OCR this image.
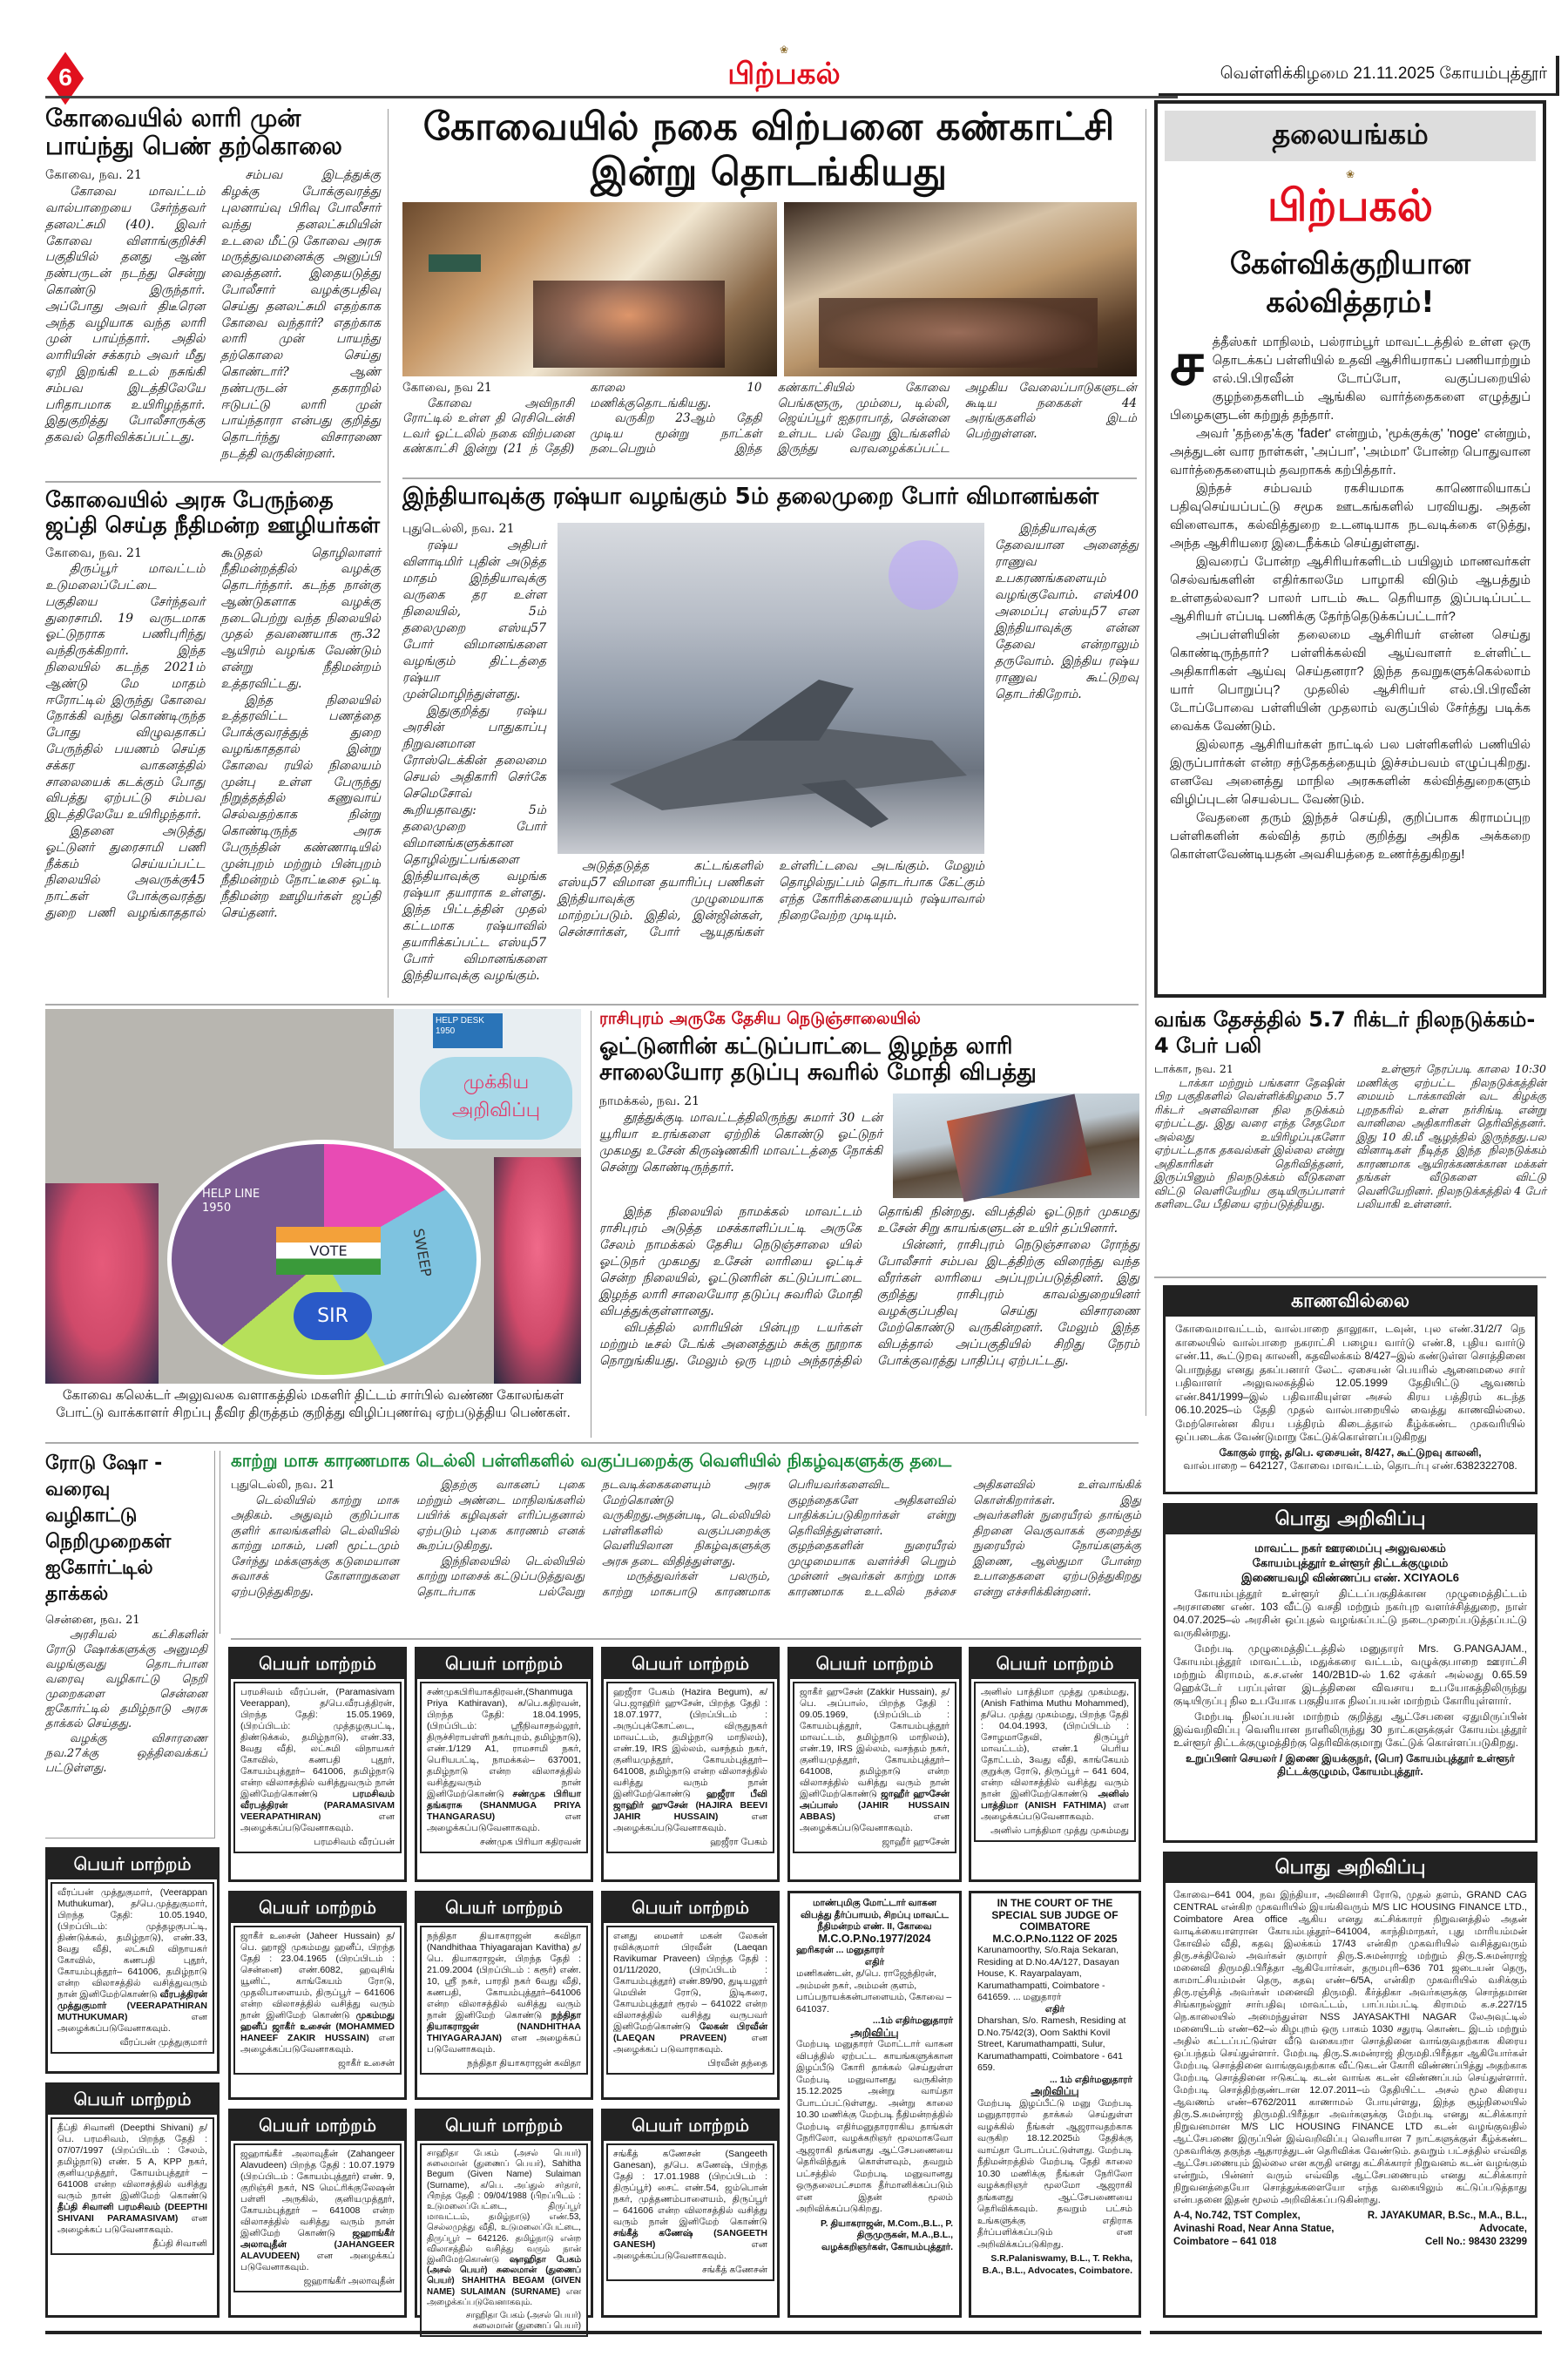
6
❀
பிற்பகல்	வெள்ளிக்கிழமை 21.11.2025 கோயம்புத்தூர்
கோவையில் லாரி முன் பாய்ந்து பெண் தற்கொலை

கோவை, நவ. 21

கோவை மாவட்டம் வால்பாறையை சேர்ந்தவர் தனலட்சுமி (40). இவர் கோவை விளாங்குறிச்சி பகுதியில் தனது ஆண் நண்பருடன் நடந்து சென்று கொண்டு இருந்தார். அப்போது அவர் திடீரென அந்த வழியாக வந்த லாரி முன் பாய்ந்தார். அதில் லாரியின் சக்கரம் அவர் மீது ஏறி இறங்கி உடல் நசுங்கி சம்பவ இடத்திலேயே பரிதாபமாக உயிரிழந்தார். இதுகுறித்து போலீசாருக்கு தகவல் தெரிவிக்கப்பட்டது.

சம்பவ இடத்துக்கு கிழக்கு போக்குவரத்து புலனாய்வு பிரிவு போலீசார் வந்து தனலட்சுமியின் உடலை மீட்டு கோவை அரசு மருத்துவமனைக்கு அனுப்பி வைத்தனர். இதையடுத்து போலீசார் வழக்குபதிவு செய்து தனலட்சுமி எதற்காக கோவை வந்தார்? எதற்காக லாரி முன் பாயந்து தற்கொலை செய்து கொண்டார்? ஆண் நண்பருடன் தகராறில் ஈடுபட்டு லாரி முன் பாய்ந்தாரா என்பது குறித்து தொடர்ந்து விசாரணை நடத்தி வருகின்றனர்.

கோவையில் அரசு பேருந்தை ஜப்தி செய்த நீதிமன்ற ஊழியர்கள்

கோவை, நவ. 21

திருப்பூர் மாவட்டம் உடுமலைப்பேட்டை பகுதியை சேர்ந்தவர் துரைசாமி. 19 வருடமாக ஓட்டுநராக பணிபுரிந்து வந்திருக்கிறார். இந்த நிலையில் கடந்த 2021ம் ஆண்டு மே மாதம் ஈரோட்டில் இருந்து கோவை நோக்கி வந்து கொண்டிருந்த போது விழுவதாகப் பேருந்தில் பயணம் செய்த சக்கர வாகனத்தில் சாலையைக் கடக்கும் போது விபத்து ஏற்பட்டு சம்பவ இடத்திலேயே உயிரிழந்தார்.

இதனை அடுத்து ஓட்டுனர் துரைசாமி பணி நீக்கம் செய்யப்பட்ட நிலையில் அவருக்கு45 நாட்கள் போக்குவரத்து துறை பணி வழங்காததால் கூடுதல் தொழிலாளர் நீதிமன்றத்தில் வழக்கு தொடர்ந்தார். கடந்த நான்கு ஆண்டுகளாக வழக்கு நடைபெற்று வந்த நிலையில் முதல் தவணையாக ரூ.32 ஆயிரம் வழங்க வேண்டும் என்று நீதிமன்றம் உத்தரவிட்டது.

இந்த நிலையில் உத்தரவிட்ட பணத்தை போக்குவரத்துத் துறை வழங்காததால் இன்று கோவை ரயில் நிலையம் முன்பு உள்ள பேருந்து நிறுத்தத்தில் கணுவாய் செல்வதற்காக நின்று கொண்டிருந்த அரசு பேருந்தின் கண்ணாடியில் முன்புறம் மற்றும் பின்புறம் நீதிமன்றம் நோட்டீசை ஒட்டி நீதிமன்ற ஊழியர்கள் ஜப்தி செய்தனர்.

கோவையில் நகை விற்பனை கண்காட்சி இன்று தொடங்கியது

கோவை, நவ 21

கோவை அவிநாசி ரோட்டில் உள்ள தி ரெசிடென்சி டவர் ஓட்டலில் நகை விற்பனை கண்காட்சி இன்று (21 ந் தேதி) காலை 10 மணிக்குதொடங்கியது.

வருகிற 23ஆம் தேதி முடிய மூன்று நாட்கள் நடைபெறும் இந்த கண்காட்சியில் கோவை பெங்களூரு, மும்பை, டில்லி, ஜெய்ப்பூர் ஐதராபாத், சென்னை உள்பட பல் வேறு இடங்களில் இருந்து வரவழைக்கப்பட்ட அழகிய வேலைப்பாடுகளுடன் கூடிய நகைகள் 44 அரங்குகளில் இடம் பெற்றுள்ளன.

இந்தியாவுக்கு ரஷ்யா வழங்கும் 5ம் தலைமுறை போர் விமானங்கள்

புதுடெல்லி, நவ. 21

ரஷ்ய அதிபர் விளாடிமிர் புதின் அடுத்த மாதம் இந்தியாவுக்கு வருகை தர உள்ள நிலையில், 5ம் தலைமுறை எஸ்யு57 போர் விமானங்களை வழங்கும் திட்டத்தை ரஷ்யா முன்மொழிந்துள்ளது.

இதுகுறித்து ரஷ்ய அரசின் பாதுகாப்பு நிறுவனமான ரோஸ்டெக்கின் தலைமை செயல் அதிகாரி செர்கே செமெசோவ் கூறியதாவது: 5ம் தலைமுறை போர் விமானங்களுக்கான தொழில்நுட்பங்களை இந்தியாவுக்கு வழங்க ரஷ்யா தயாராக உள்ளது. இந்த பிட்டத்தின் முதல் கட்டமாக ரஷ்யாவில் தயாரிக்கப்பட்ட எஸ்யு57 போர் விமானங்களை இந்தியாவுக்கு வழங்கும்.

அடுத்தடுத்த கட்டங்களில் எஸ்யு57 விமான தயாரிப்பு பணிகள் இந்தியாவுக்கு முழுமையாக மாற்றப்படும். இதில், இன்ஜின்கள், சென்சார்கள், போர் ஆயுதங்கள் உள்ளிட்டவை அடங்கும். மேலும் தொழில்நுட்பம் தொடர்பாக கேட்கும் எந்த கோரிக்கையையும் ரஷ்யாவால் நிறைவேற்ற முடியும்.

இந்தியாவுக்கு தேவையான அனைத்து ராணுவ உபகரணங்களையும் வழங்குவோம். எஸ்400 அமைப்பு எஸ்யு57 என இந்தியாவுக்கு என்ன தேவை என்றாலும் தருவோம். இந்திய ரஷ்ய ராணுவ கூட்டுறவு தொடர்கிறோம்.

தலையங்கம்
❀
பிற்பகல்
கேள்விக்குறியான கல்வித்தரம்!
ச த்தீஸ்கர் மாநிலம், பல்ராம்பூர் மாவட்டத்தில் உள்ள ஒரு தொடக்கப் பள்ளியில் உதவி ஆசிரியராகப் பணியாற்றும் எல்.பி.பிரவீன் டோப்போ, வகுப்பறையில் குழந்தைகளிடம் ஆங்கில வார்த்தைகளை எழுத்துப் பிழைகளுடன் கற்றுத் தந்தார்.

அவர் 'தந்தை'க்கு 'fader' என்றும், 'மூக்குக்கு' 'noge' என்றும், அத்துடன் வார நாள்கள், 'அப்பா', 'அம்மா' போன்ற பொதுவான வார்த்தைகளையும் தவறாகக் கற்பித்தார்.

இந்தச் சம்பவம் ரகசியமாக காணொலியாகப் பதிவுசெய்யப்பட்டு சமூக ஊடகங்களில் பரவியது. அதன் விளைவாக, கல்வித்துறை உடனடியாக நடவடிக்கை எடுத்து, அந்த ஆசிரியரை இடைநீக்கம் செய்துள்ளது.

இவரைப் போன்ற ஆசிரியர்களிடம் பயிலும் மாணவர்கள் செல்வங்களின் எதிர்காலமே பாழாகி விடும் ஆபத்தும் உள்ளதல்லவா? பாலர் பாடம் கூட தெரியாத இப்படிப்பட்ட ஆசிரியர் எப்படி பணிக்கு தேர்ந்தெடுக்கப்பட்டார்?

அப்பள்ளியின் தலைமை ஆசிரியர் என்ன செய்து கொண்டிருந்தார்? பள்ளிக்கல்வி ஆய்வாளர் உள்ளிட்ட அதிகாரிகள் ஆய்வு செய்தனரா? இந்த தவறுகளுக்கெல்லாம் யார் பொறுப்பு? முதலில் ஆசிரியர் எல்.பி.பிரவீன் டோப்போவை பள்ளியின் முதலாம் வகுப்பில் சேர்த்து படிக்க வைக்க வேண்டும்.

இல்லாத ஆசிரியர்கள் நாட்டில் பல பள்ளிகளில் பணியில் இருப்பார்கள் என்ற சந்தேகத்தையும் இச்சம்பவம் எழுப்புகிறது. எனவே அனைத்து மாநில அரசுகளின் கல்வித்துறைகளும் விழிப்புடன் செயல்பட வேண்டும்.

வேதனை தரும் இந்தச் செய்தி, குறிப்பாக கிராமப்புற பள்ளிகளின் கல்வித் தரம் குறித்து அதிக அக்கறை கொள்ளவேண்டியதன் அவசியத்தை உணர்த்துகிறது!

HELP DESK 1950
முக்கிய அறிவிப்பு
HELP LINE 1950
VOTE
SIR
SWEEP
கோவை கலெக்டர் அலுவலக வளாகத்தில் மகளிர் திட்டம் சார்பில் வண்ண கோலங்கள் போட்டு வாக்காளர் சிறப்பு தீவிர திருத்தம் குறித்து விழிப்புணர்வு ஏற்படுத்திய பெண்கள்.
ராசிபுரம் அருகே தேசிய நெடுஞ்சாலையில்
ஓட்டுனரின் கட்டுப்பாட்டை இழந்த லாரி சாலையோர தடுப்பு சுவரில் மோதி விபத்து

நாமக்கல், நவ. 21

தூத்துக்குடி மாவட்டத்திலிருந்து சுமார் 30 டன் யூரியா உரங்களை ஏற்றிக் கொண்டு ஓட்டுநர் முகமது உசேன் கிருஷ்ணகிரி மாவட்டத்தை நோக்கி சென்று கொண்டிருந்தார்.

இந்த நிலையில் நாமக்கல் மாவட்டம் ராசிபுரம் அடுத்த மசக்காளிப்பட்டி அருகே சேலம் நாமக்கல் தேசிய நெடுஞ்சாலை யில் ஓட்டுநர் முகமது உசேன் லாரியை ஓட்டிச் சென்ற நிலையில், ஓட்டுனரின் கட்டுப்பாட்டை இழந்த லாரி சாலையோர தடுப்பு சுவரில் மோதி விபத்துக்குள்ளானது.

விபத்தில் லாரியின் பின்புற டயர்கள் மற்றும் டீசல் டேங்க் அனைத்தும் சுக்கு நூறாக நொறுங்கியது. மேலும் ஒரு புறம் அந்தரத்தில் தொங்கி நின்றது. விபத்தில் ஓட்டுநர் முகமது உசேன் சிறு காயங்களுடன் உயிர் தப்பினார்.

பின்னர், ராசிபுரம் நெடுஞ்சாலை ரோந்து போலீசார் சம்பவ இடத்திற்கு விரைந்து வந்த வீரர்கள் லாரியை அப்புறப்படுத்தினர். இது குறித்து ராசிபுரம் காவல்துறையினர் வழக்குப்பதிவு செய்து விசாரணை மேற்கொண்டு வருகின்றனர். மேலும் இந்த விபத்தால் அப்பகுதியில் சிறிது நேரம் போக்குவரத்து பாதிப்பு ஏற்பட்டது.

வங்க தேசத்தில் 5.7 ரிக்டர் நிலநடுக்கம்- 4 பேர் பலி

டாக்கா, நவ. 21

டாக்கா மற்றும் பங்களா தேஷின் பிற பகுதிகளில் வெள்ளிக்கிழமை 5.7 ரிக்டர் அளவிலான நில நடுக்கம் ஏற்பட்டது. இது வரை எந்த சேதமோ அல்லது உயிரிழப்புகளோ ஏற்பட்டதாக தகவல்கள் இல்லை என்று அதிகாரிகள் தெரிவித்தனர், இருப்பினும் நிலநடுக்கம் வீடுகளை விட்டு வெளியேறிய குடியிருப்பாளர் களிடையே பீதியை ஏற்படுத்தியது.

உள்ளூர் நேரப்படி காலை 10:30 மணிக்கு ஏற்பட்ட நிலநடுக்கத்தின் மையம் டாக்காவின் வட கிழக்கு புறநகரில் உள்ள நர்சிங்டி என்று வானிலை அதிகாரிகள் தெரிவித்தனர். இது 10 கி.மீ ஆழத்தில் இருந்தது.பல வினாடிகள் நீடித்த இந்த நிலநடுக்கம் காரணமாக ஆயிரக்கணக்கான மக்கள் தங்கள் வீடுகளை விட்டு வெளியேறினர். நிலநடுக்கத்தில் 4 பேர் பலியாகி உள்ளனர்.

காணவில்லை
கோவைமாவட்டம், வால்பாறை தாலூகா, டவுன், புல எண்.31/2/7 நெ காலையில் வால்பாறை நகராட்சி பழைய வார்டு எண்.8, புதிய வார்டு எண்.11, கூட்டுறவு காலனி, கதவிலக்கம் 8/427–இல் கண்டுள்ள சொத்தினை பொறுத்து எனது தகப்பனார் லேட். ஏசையன் பெயரில் ஆனைமலை சார் பதிவாளர் அலுவலகத்தில் 12.05.1999 தேதியிட்டு ஆவணம் எண்.841/1999–இல் பதிவாகியுள்ள அசல் கிரய பத்திரம் கடந்த 06.10.2025–ம் தேதி முதல் வால்பாறையில் வைத்து காணவில்லை. மேற்சொன்ன கிரய பத்திரம் கிடைத்தால் கீழ்க்கண்ட முகவரியில் ஒப்படைக்க வேண்டுமாறு கேட்டுக்கொள்ளப்படுகிறது
கோகுல் ராஜ், த/பெ. ஏசையன், 8/427, கூட்டுறவு காலனி,
வால்பாறை – 642127, கோவை மாவட்டம், தொடர்பு எண்.6382322708.
பொது அறிவிப்பு
மாவட்ட நகர் ஊரமைப்பு அலுவலகம்
கோயம்புத்தூர் உள்ளூர் திட்டக்குழுமம்
இணையவழி விண்ணப்ப எண். XCIYAOL6

கோயம்புத்தூர் உள்ளூர் திட்டப்பகுதிக்கான முழுமைத்திட்டம் அரசாணை எண். 103 வீட்டு வசதி மற்றும் நகர்புற வளர்ச்சித்துறை, நாள் 04.07.2025–ல் அரசின் ஒப்புதல் வழங்கப்பட்டு நடைமுறைப்படுத்தப்பட்டு வருகின்றது.

மேற்படி முழுமைத்திட்டத்தில் மனுதாரர் Mrs. G.PANGAJAM., கோயம்புத்தூர் மாவட்டம், மதுக்கரை வட்டம், வழுக்குபாறை ஊராட்சி மற்றும் கிராமம், க.ச.எண் 140/2B1D-ல் 1.62 ஏக்கர் அல்லது 0.65.59 ஹெக்டேர் பரப்புள்ள இடத்தினை விவசாய உபயோகத்திலிருந்து குடியிருப்பு நில உபயோக பகுதியாக நிலப்பயன் மாற்றம் கோரியுள்ளார்.

மேற்படி நிலப்பயன் மாற்றம் குறித்து ஆட்சேபனை ஏதுமிருப்பின் இவ்வறிவிப்பு வெளியான நாளிலிருந்து 30 நாட்களுக்குள் கோயம்புத்தூர் உள்ளூர் திட்டக்குழுமத்திற்கு தெரிவிக்குமாறு கேட்டுக் கொள்ளப்படுகிறது.

உறுப்பினர் செயலர் / இணை இயக்குநர், (பொ) கோயம்புத்தூர் உள்ளூர் திட்டக்குழுமம், கோயம்புத்தூர்.

பொது அறிவிப்பு

கோவை–641 004, நவ இந்தியா, அவினாசி ரோடு, முதல் தளம், GRAND CAG CENTRAL என்கிற முகவரியில் இயங்கிவரும் M/S LIC HOUSING FINANCE LTD., Coimbatore Area office ஆகிய எனது கட்சிக்காரர் நிறுவனத்தில் அதன் வாடிக்கையாளரான கோயம்புத்தூர்–641004, காந்திமாநகர், புது மாரியம்மன் கோவில் வீதி, கதவு இலக்கம் 17/43 என்கிற முகவரியில் வசித்துவரும் திரு.சக்திவேல் அவர்கள் குமாரர் திரு.S.சுமன்ராஜ் மற்றும் திரு.S.சுமன்ராஜ் மனைவி திருமதி.பிரீத்தா ஆகியோர்கள், தருமபுரி–636 701 ஜடையன் தெரு, காமாட்சியம்மன் தெரு, கதவு எண்–6/5A, என்கிற முகவரியில் வசிக்கும் திரு.ரஞ்சித் அவர்கள் மனைவி திருமதி. கீர்த்திகா அவர்களுக்கு சொந்தமான சிங்காநல்லூர் சார்பதிவு மாவட்டம், பாப்பம்பட்டி கிராமம் க.ச.227/15 நெ.காலையில் அமைந்துள்ள NSS JAYASAKTHI NAGAR லேஅவுட்டில் மனையிடம் எண்–62–ல் கிழபுறம் ஒரு பாகம் 1030 சதுரடி கொண்ட இடம் மற்றும் அதில் கட்டப்பட்டுள்ள வீடு வகையறா சொத்தினை வாங்குவதற்காக கிரைய ஒப்பந்தம் செய்துள்ளார். மேற்படி திரு.S.சுமன்ராஜ் திருமதி.பிரீத்தா ஆகியோர்கள் மேற்படி சொத்தினை வாங்குவதற்காக வீட்டுகடன் கோரி விண்ணப்பித்து அதற்காக மேற்படி சொத்தினை ஈடுகட்டி கடன் வாங்க கடன் விண்ணப்பம் செய்துள்ளார். மேற்படி சொத்திற்குண்டான 12.07.2011–ம் தேதியிட்ட அசல் மூல கிரைய ஆவணம் எண்–6762/2011 காணாமல் போயுள்ளது, இந்த சூழ்நிலையில் திரு.S.சுமன்ராஜ் திருமதி.பிரீத்தா அவர்களுக்கு மேற்படி எனது கட்சிக்காரர் நிறுவனமான M/S LIC HOUSING FINANCE LTD கடன் வழங்குவதில் ஆட்சேபணை இருப்பின் இவ்வறிவிப்பு வெளியான 7 நாட்களுக்குள் கீழ்க்கண்ட முகவரிக்கு தகுந்த ஆதாரத்துடன் தெரிவிக்க வேண்டும். தவறும் பட்சத்தில் எவ்வித ஆட்சேபணையும் இல்லை என கருதி எனது கட்சிக்காரர் நிறுவனம் கடன் வழங்கும் என்றும், பின்னர் வரும் எவ்வித ஆட்சேபணையும் எனது கட்சிக்காரர் நிறுவனத்தையோ சொத்துக்களையோ எந்த வகையிலும் கட்டுப்படுத்தாது என்பதனை இதன் மூலம் அறிவிக்கப்படுகின்றது.

A-4, No.742, TST Complex,
Avinashi Road, Near Anna Statue,
Coimbatore – 641 018
R. JAYAKUMAR, B.Sc., M.A., B.L.,
Advocate,
Cell No.: 98430 23299
ரோடு ஷோ - வரைவு வழிகாட்டு நெறிமுறைகள் ஐகோர்ட்டில் தாக்கல்

சென்னை, நவ. 21

அரசியல் கட்சிகளின் ரோடு ஷோக்களுக்கு அனுமதி வழங்குவது தொடர்பான வரைவு வழிகாட்டு நெறி முறைகளை சென்னை ஐகோர்ட்டில் தமிழ்நாடு அரசு தாக்கல் செய்தது.

வழக்கு விசாரணை நவ.27க்கு ஒத்திவைக்கப் பட்டுள்ளது.

காற்று மாசு காரணமாக டெல்லி பள்ளிகளில் வகுப்பறைக்கு வெளியில் நிகழ்வுகளுக்கு தடை

புதுடெல்லி, நவ. 21

டெல்லியில் காற்று மாசு அதிகம். அதுவும் குறிப்பாக குளிர் காலங்களில் டெல்லியில் காற்று மாசும், பனி மூட்டமும் சேர்ந்து மக்களுக்கு கடுமையான சுவாசக் கோளாறுகளை ஏற்படுத்துகிறது.

இதற்கு வாகனப் புகை மற்றும் அண்டை மாநிலங்களில் பயிர்க் கழிவுகள் எரிப்பதனால் ஏற்படும் புகை காரணம் எனக் கூறப்படுகிறது.

இந்நிலையில் டெல்லியில் காற்று மாசைக் கட்டுப்படுத்துவது தொடர்பாக பல்வேறு நடவடிக்கைகளையும் அரசு மேற்கொண்டு வருகிறது.அதன்படி, டெல்லியில் பள்ளிகளில் வகுப்பறைக்கு வெளியிலான நிகழ்வுகளுக்கு அரசு தடை விதித்துள்ளது.

மருத்துவர்கள் பலரும், காற்று மாசுபாடு காரணமாக பெரியவர்களைவிட குழந்தைகளே அதிகளவில் பாதிக்கப்படுகிறார்கள் என்று தெரிவித்துள்ளனர். குழந்தைகளின் நுரையீரல் முழுமையாக வளர்ச்சி பெறும் முன்னர் அவர்கள் காற்று மாசு காரணமாக உடலில் நச்சை அதிகளவில் உள்வாங்கிக் கொள்கிறார்கள். இது அவர்களின் நுரையீரல் தாங்கும் திறனை வெகுவாகக் குறைத்து நுரையீரல் நோய்களுக்கு இணை, ஆஸ்துமா போன்ற உபாதைகளை ஏற்படுத்துகிறது என்று எச்சரிக்கின்றனர்.

பெயர் மாற்றம்
பரமசிவம் வீரப்பன், (Paramasivam Veerappan), த/பெ.வீரபத்திரன், பிறந்த தேதி: 15.05.1969, (பிறப்பிடம்: முத்தழகுபட்டி, திண்டுக்கல், தமிழ்நாடு), எண்.33, 8வது வீதி, லட்சுமி விநாயகர் கோவில், கணபதி புதூர், கோயம்புத்தூர்– 641006, தமிழ்நாடு என்ற விலாசத்தில் வசித்துவரும் நான் இனிமேற்கொண்டு	பரமசிவம் வீரபத்திரன் (PARAMASIVAM VEERAPATHIRAN)	என அழைக்கப்படுவேனாகவும்.
பரமசிவம் வீரப்பன்
பெயர் மாற்றம்
சண்முகபிரியாகதிரவன்,(Shanmuga Priya Kathiravan), க/பெ.கதிரவன், பிறந்த தேதி: 18.04.1995, (பிறப்பிடம்: ஸ்ரீநிவாசநல்லூர், திருச்சிராபள்ளி நகர்புறம், தமிழ்நாடு), எண்.1/129 A1, ராமசாமி நகர், பெரியபட்டி, நாமக்கல்– 637001, தமிழ்நாடு என்ற விலாசத்தில் வசித்துவரும் நான் இனிமேற்கொண்டு சண்முக பிரியா தங்கராசு (SHANMUGA PRIYA THANGARASU)	என அழைக்கப்படுவேனாகவும்.
சண்முக பிரியா கதிரவன்
பெயர் மாற்றம்
ஹஜீரா பேகம் (Hazira Begum), க/பெ.ஜாஹிர் ஹுசேன், பிறந்த தேதி : 18.07.1977, (பிறப்பிடம் : அருப்புக்கோட்டை, விருதுநகர் மாவட்டம், தமிழ்நாடு மாநிலம்), எண்.19, IRS இல்லம், வசந்தம் நகர், குனியமுத்தூர், கோயம்புத்தூர்– 641008, தமிழ்நாடு என்ற விலாசத்தில் வசித்து வரும் நான் இனிமேற்கொண்டு ஹஜீரா பீவி ஜாஹிர் ஹுசேன் (HAJIRA BEEVI JAHIR HUSSAIN)	என அழைக்கப்படுவேனாகவும்.
ஹஜீரா பேகம்
பெயர் மாற்றம்
ஜாகீர் ஹுசேன் (Zakkir Hussain), த/பெ. அப்பாஸ், பிறந்த தேதி : 09.05.1969, (பிறப்பிடம் : கோயம்புத்தூர், கோயம்புத்தூர் மாவட்டம், தமிழ்நாடு மாநிலம்), எண்.19, IRS இல்லம், வசந்தம் நகர், குனியமுத்தூர், கோயம்புத்தூர்– 641008, தமிழ்நாடு என்ற விலாசத்தில் வசித்து வரும் நான் இனிமேற்கொண்டு ஜாஹீர் ஹுசேன் அப்பாஸ் (JAHIR HUSSAIN ABBAS)	என அழைக்கப்படுவேனாகவும்.
ஜாஹீர் ஹுசேன்
பெயர் மாற்றம்
அனிஸ் பாத்திமா முத்து முகம்மது, (Anish Fathima Muthu Mohammed), த/பெ. முத்து முகம்மது, பிறந்த தேதி : 04.04.1993, (பிறப்பிடம் : சோழமாதேவி, திருப்பூர் மாவட்டம்), எண்.1 பெரிய தோட்டம், 3வது வீதி, காங்கேயம் குறுக்கு ரோடு, திருப்பூர் – 641 604, என்ற விலாசத்தில் வசித்து வரும் நான் இனிமேற்கொண்டு அனிஸ் பாத்திமா (ANISH FATHIMA) என அழைக்கப்படுவேனாகவும்.
அனிஸ் பாத்திமா முத்து முகம்மது
பெயர் மாற்றம்
வீரப்பன் முத்துகுமார், (Veerappan Muthukumar), த/பெ.முத்துகுமார், பிறந்த தேதி: 10.05.1940, (பிறப்பிடம்: முத்தழகுபட்டி, திண்டுக்கல், தமிழ்நாடு), எண்.33, 8வது வீதி, லட்சுமி விநாயகர் கோவில், கணபதி புதூர், கோயம்புத்தூர்– 641006, தமிழ்நாடு என்ற விலாசத்தில் வசித்துவரும் நான் இனிமேற்கொண்டு வீரபத்திரன் முத்துகுமார் (VEERAPATHIRAN MUTHUKUMAR)	என அழைக்கப்படுவேனாகவும்.
வீரப்பன் முத்துகுமார்
பெயர் மாற்றம்
ஜாகீர் உசைன் (Jaheer Hussain) த/பெ. ஹாஜி முகம்மது ஹனீப், பிறந்த தேதி : 23.04.1965 (பிறப்பிடம் : சென்னை) எண்.6082, ஹவுசிங் யூனிட், காங்கேயம் ரோடு, முதலிபாளையம், திருப்பூர் – 641606 என்ற விலாசத்தில் வசித்து வரும் நான் இனிமேற் கொண்டு முகம்மது ஹனீப் ஜாகீர் உசைன் (MOHAMMED HANEEF ZAKIR HUSSAIN) என அழைக்கப்படுவேனாகவும்.
ஜாகீர் உசைன்
பெயர் மாற்றம்
நந்திதா தியாகராஜன் கவிதா (Nandhithaa Thiyagarajan Kavitha) த/பெ. தியாகராஜன், பிறந்த தேதி : 21.09.2004 (பிறப்பிடம் : கரூர்) எண். 10, ஸ்ரீ நகர், பாரதி நகர் 6வது வீதி, கணபதி, கோயம்புத்தூர்–641006 என்ற விலாசத்தில் வசித்து வரும் நான் இனிமேற் கொண்டு நந்திதா தியாகராஜன் (NANDHITHAA THIYAGARAJAN) என அழைக்கப் படுவேனாகவும்.
நந்திதா தியாகராஜன் கவிதா
பெயர் மாற்றம்
எனது மைனர் மகன் லேகன் ரவிக்குமார் பிரவீன் (Laeqan Ravikumar Praveen) பிறந்த தேதி : 01/11/2020, (பிறப்பிடம் : கோயம்புத்தூர்) எண்.89/90, துடியலூர் மெயின் ரோடு, இடிகரை, கோயம்புத்தூர் ரூரல் – 641022 என்ற விலாசத்தில் வசித்து வருபவர் இனிமேற்கொண்டு லேகன் பிரவீன் (LAEQAN PRAVEEN)	என அழைக்கப் படுவாராகவும்.
பிரவீன் தந்தை
மாண்புமிகு மோட்டார் வாகன விபத்து தீர்ப்பாயம், சிறப்பு மாவட்ட நீதிமன்றம் எண். II, கோவை
M.C.O.P.No.1977/2024
ஹரிகரன் ... மனுதாரர்
எதிர்
மணிகண்டன், த/பெ. ராஜேந்திரன், அம்மன் நகர், அம்மன் குளம், பாப்பநாயக்கன்பாளையம், கோவை – 641037.
...1ம் எதிர்மனுதாரர்
அறிவிப்பு
மேற்படி மனுதாரர் மோட்டார் வாகன விபத்தில் ஏற்பட்ட காயங்களுக்கான இழப்பீடு கோரி தாக்கல் செய்துள்ள மேற்படி மனுவானது வருகின்ற 15.12.2025 அன்று வாய்தா போடப்பட்டுள்ளது. அன்று காலை 10.30 மணிக்கு மேற்படி நீதிமன்றத்தில் மேற்படி எதிர்மனுதாரராகிய தாங்கள் நேரிலோ, வழக்கறிஞர் மூலமாகவோ ஆஜராகி தங்களது ஆட்சேபணையை தெரிவித்துக் கொள்ளவும், தவறும் பட்சத்தில் மேற்படி மனுவானது ஒருதலைபட்சமாக தீர்மானிக்கப்படும் என இதன் மூலம் அறிவிக்கப்படுகிறது.
P. தியாகராஜன், M.Com.,B.L., P. திருமுருகன், M.A.,B.L., வழக்கறிஞர்கள், கோயம்புத்தூர்.
IN THE COURT OF THE SPECIAL SUB JUDGE OF COIMBATORE
M.C.O.P.No.1122 OF 2025
Karunamoorthy, S/o.Raja Sekaran, Residing at D.No.4A/127, Dasayan House, K. Rayarpalayam, Karumathampatti, Coimbatore - 641659. ... மனுதாரர்
எதிர்
Dharshan, S/o. Ramesh, Residing at D.No.75/42(3), Oom Sakthi Kovil Street, Karumathampatti, Sulur, Karumathampatti, Coimbatore - 641 659.
... 1ம் எதிர்மனுதாரர்
அறிவிப்பு
மேற்படி இழப்பீட்டு மனு மேற்படி மனுதாரரால் தாக்கல் செய்துள்ள வழக்கில் நீங்கள் ஆஜராவதற்காக வருகிற 18.12.2025ம் தேதிக்கு வாய்தா போடப்பட்டுள்ளது. மேற்படி நீதிமன்றத்தில் மேற்படி தேதி காலை 10.30 மணிக்கு நீங்கள் நேரிலோ வழக்கறிஞர் மூலமோ ஆஜராகி தங்களது ஆட்சேபணையை தெரிவிக்கவும். தவறும் பட்சம் உங்களுக்கு எதிராக தீர்ப்பளிக்கப்படும் என அறிவிக்கப்படுகிறது.
S.R.Palaniswamy, B.L., T. Rekha, B.A., B.L., Advocates, Coimbatore.
பெயர் மாற்றம்
தீப்தி சிவானி (Deepthi Shivani) த/பெ. பரமசிவம், பிறந்த தேதி : 07/07/1997 (பிறப்பிடம் : சேலம், தமிழ்நாடு) எண். 5 A, KPP நகர், குனியமுத்தூர், கோயம்புத்தூர் – 641008 என்ற விலாசத்தில் வசித்து வரும் நான் இனிமேற் கொண்டு தீப்தி சிவானி பரமசிவம் (DEEPTHI SHIVANI PARAMASIVAM) என அழைக்கப் படுவேனாகவும்.
தீப்தி சிவானி
பெயர் மாற்றம்
ஜஹாங்கீர் அலாவுதீன் (Zahangeer Alavudeen) பிறந்த தேதி : 10.07.1979 (பிறப்பிடம் : கோயம்புத்தூர்) எண். 9, குறிஞ்சி நகர், NS மெட்ரிக்குலேஷன் பள்ளி அருகில், குனியமுத்தூர், கோயம்புத்தூர் – 641008 என்ற விலாசத்தில் வசித்து வரும் நான் இனிமேற் கொண்டு ஜஹாங்கீர் அலாவுதீன் (JAHANGEER ALAVUDEEN) என அழைக்கப் படுவேனாகவும்.
ஜஹாங்கீர் அலாவுதீன்
பெயர் மாற்றம்
சாஹிதா பேகம் (அசல் பெயர்) சுலைமான் (துணைப் பெயர்), Sahitha Begum (Given Name) Sulaiman (Surname), க/பெ. அப்துல் சர்தார், பிறந்த தேதி : 09/04/1988 (பிறப்பிடம் : உடுமலைப்பேட்டை, திருப்பூர் மாவட்டம், தமிழ்நாடு) எண்.53, செல்லமுத்து வீதி, உடுமலைப்பேட்டை, திருப்பூர் – 642126. தமிழ்நாடு என்ற விலாசத்தில் வசித்து வரும் நான் இனிமேற்கொண்டு ஷாஹிதா பேகம் (அசல் பெயர்) சுலைமான் (துணைப் பெயர்) SHAHITHA BEGAM (GIVEN NAME) SULAIMAN (SURNAME) என அழைக்கப்படுவேனாகவும்.
சாஹிதா பேகம் (அசல் பெயர்) சுலைமான் (துணைப் பெயர்)
பெயர் மாற்றம்
சங்கீத் கணேசன் (Sangeeth Ganesan), த/பெ. கணேஷ், பிறந்த தேதி : 17.01.1988 (பிறப்பிடம் : திருப்பூர்) சைட் எண்.54, ஜம்பொன் நகர், முத்தணம்பாளையம், திருப்பூர் – 641606 என்ற விலாசத்தில் வசித்து வரும் நான் இனிமேற் கொண்டு சங்கீத் கணேஷ் (SANGEETH GANESH)	என அழைக்கப்படுவேனாகவும்.
சங்கீத் கணேசன்
